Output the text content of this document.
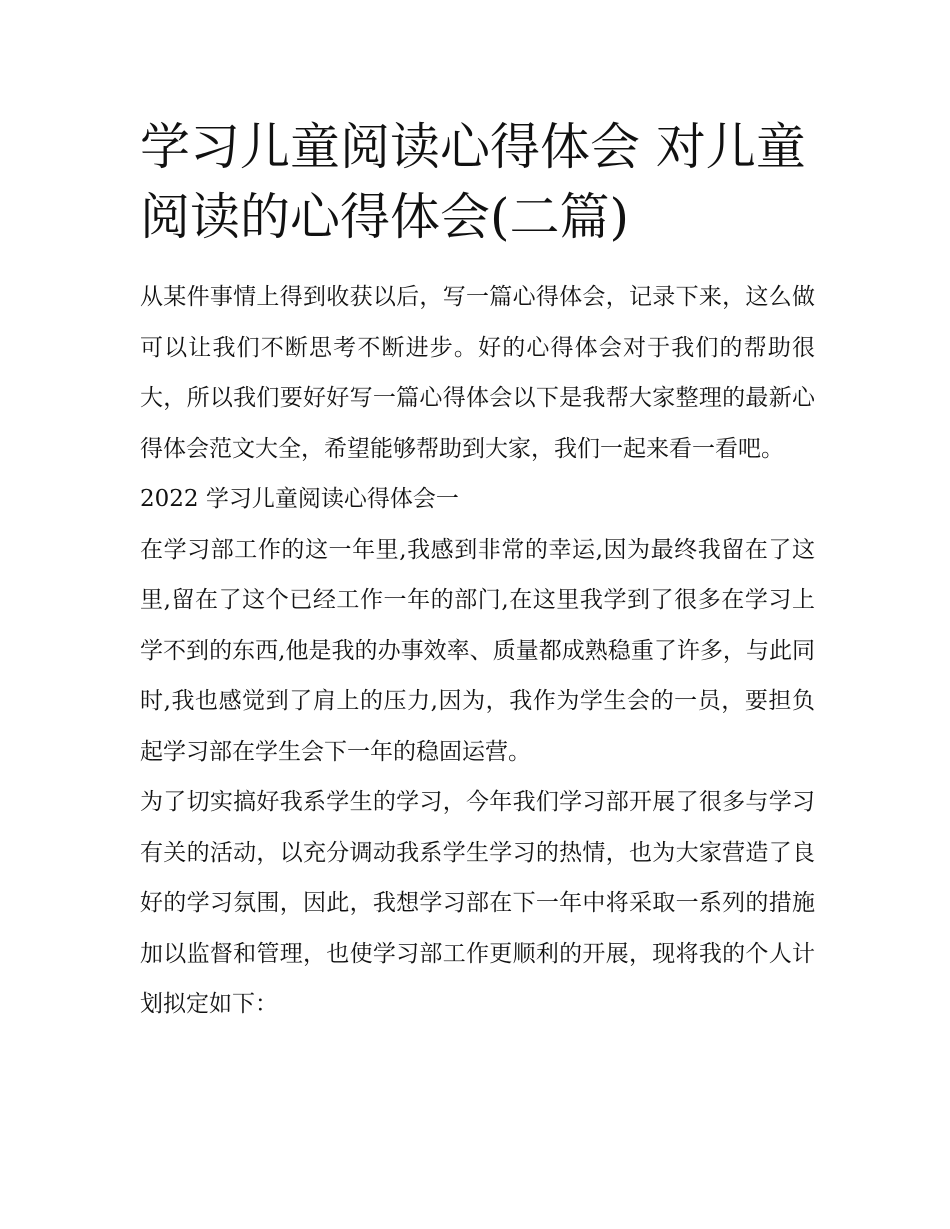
学习儿童阅读心得体会 对儿童阅读的心得体会(二篇)

从某件事情上得到收获以后，写一篇心得体会，记录下来，这么做可以让我们不断思考不断进步。好的心得体会对于我们的帮助很大，所以我们要好好写一篇心得体会以下是我帮大家整理的最新心得体会范文大全，希望能够帮助到大家，我们一起来看一看吧。

2022 学习儿童阅读心得体会一

在学习部工作的这一年里,我感到非常的幸运,因为最终我留在了这里,留在了这个已经工作一年的部门,在这里我学到了很多在学习上学不到的东西,他是我的办事效率、质量都成熟稳重了许多，与此同时,我也感觉到了肩上的压力,因为，我作为学生会的一员，要担负起学习部在学生会下一年的稳固运营。

为了切实搞好我系学生的学习，今年我们学习部开展了很多与学习有关的活动，以充分调动我系学生学习的热情，也为大家营造了良好的学习氛围，因此，我想学习部在下一年中将采取一系列的措施加以监督和管理，也使学习部工作更顺利的开展，现将我的个人计划拟定如下：
